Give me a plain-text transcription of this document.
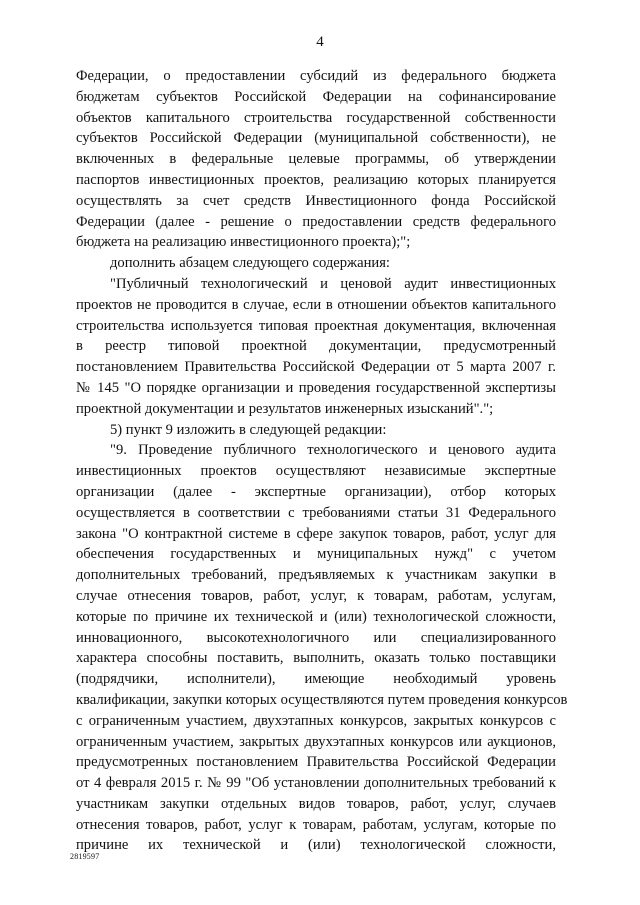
4
Федерации, о предоставлении субсидий из федерального бюджета
бюджетам субъектов Российской Федерации на софинансирование
объектов капитального строительства государственной собственности
субъектов Российской Федерации (муниципальной собственности), не
включенных в федеральные целевые программы, об утверждении
паспортов инвестиционных проектов, реализацию которых планируется
осуществлять за счет средств Инвестиционного фонда Российской
Федерации (далее - решение о предоставлении средств федерального
бюджета на реализацию инвестиционного проекта);";
дополнить абзацем следующего содержания:
"Публичный технологический и ценовой аудит инвестиционных
проектов не проводится в случае, если в отношении объектов капитального
строительства используется типовая проектная документация, включенная
в реестр типовой проектной документации, предусмотренный
постановлением Правительства Российской Федерации от 5 марта 2007 г.
№ 145 "О порядке организации и проведения государственной экспертизы
проектной документации и результатов инженерных изысканий".";
5) пункт 9 изложить в следующей редакции:
"9. Проведение публичного технологического и ценового аудита
инвестиционных проектов осуществляют независимые экспертные
организации (далее - экспертные организации), отбор которых
осуществляется в соответствии с требованиями статьи 31 Федерального
закона "О контрактной системе в сфере закупок товаров, работ, услуг для
обеспечения государственных и муниципальных нужд" с учетом
дополнительных требований, предъявляемых к участникам закупки в
случае отнесения товаров, работ, услуг, к товарам, работам, услугам,
которые по причине их технической и (или) технологической сложности,
инновационного, высокотехнологичного или специализированного
характера способны поставить, выполнить, оказать только поставщики
(подрядчики, исполнители), имеющие необходимый уровень
квалификации, закупки которых осуществляются путем проведения конкурсов
с ограниченным участием, двухэтапных конкурсов, закрытых конкурсов с
ограниченным участием, закрытых двухэтапных конкурсов или аукционов,
предусмотренных постановлением Правительства Российской Федерации
от 4 февраля 2015 г. № 99 "Об установлении дополнительных требований к
участникам закупки отдельных видов товаров, работ, услуг, случаев
отнесения товаров, работ, услуг к товарам, работам, услугам, которые по
причине их технической и (или) технологической сложности,
2819597
